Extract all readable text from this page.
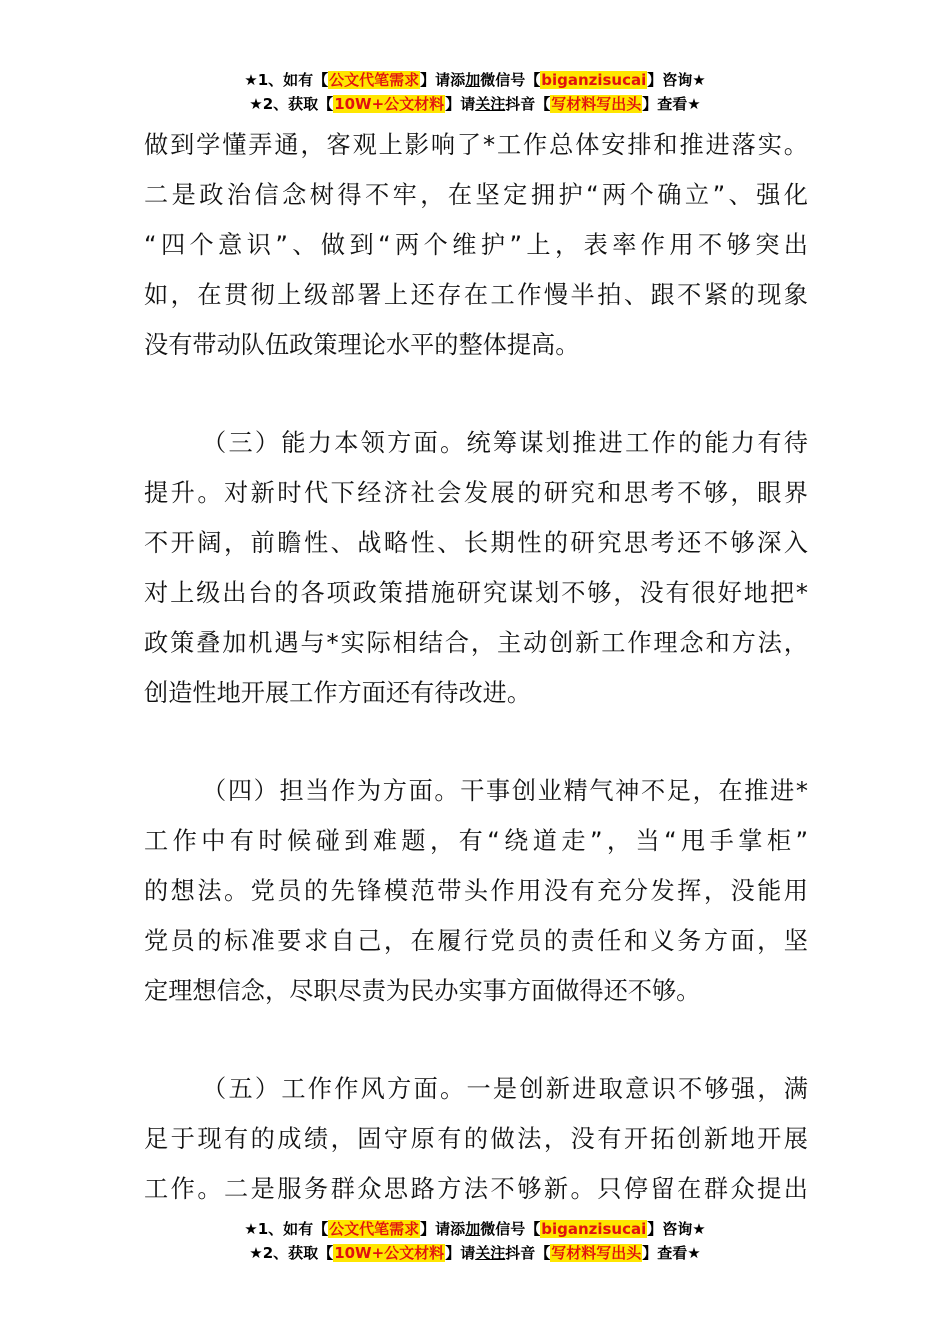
★1、如有【公文代笔需求】请添加微信号【biganzisucai】咨询★
★2、获取【10W+公文材料】请关注抖音【写材料写出头】查看★
做到学懂弄通，客观上影响了*工作总体安排和推进落实。
二是政治信念树得不牢，在坚定拥护“两个确立”、强化
“四个意识”、做到“两个维护”上，表率作用不够突出
如，在贯彻上级部署上还存在工作慢半拍、跟不紧的现象
没有带动队伍政策理论水平的整体提高。
（三）能力本领方面。统筹谋划推进工作的能力有待
提升。对新时代下经济社会发展的研究和思考不够，眼界
不开阔，前瞻性、战略性、长期性的研究思考还不够深入
对上级出台的各项政策措施研究谋划不够，没有很好地把*
政策叠加机遇与*实际相结合，主动创新工作理念和方法，
创造性地开展工作方面还有待改进。
（四）担当作为方面。干事创业精气神不足，在推进*
工作中有时候碰到难题，有“绕道走”，当“甩手掌柜”
的想法。党员的先锋模范带头作用没有充分发挥，没能用
党员的标准要求自己，在履行党员的责任和义务方面，坚
定理想信念，尽职尽责为民办实事方面做得还不够。
（五）工作作风方面。一是创新进取意识不够强，满
足于现有的成绩，固守原有的做法，没有开拓创新地开展
工作。二是服务群众思路方法不够新。只停留在群众提出
★1、如有【公文代笔需求】请添加微信号【biganzisucai】咨询★
★2、获取【10W+公文材料】请关注抖音【写材料写出头】查看★
